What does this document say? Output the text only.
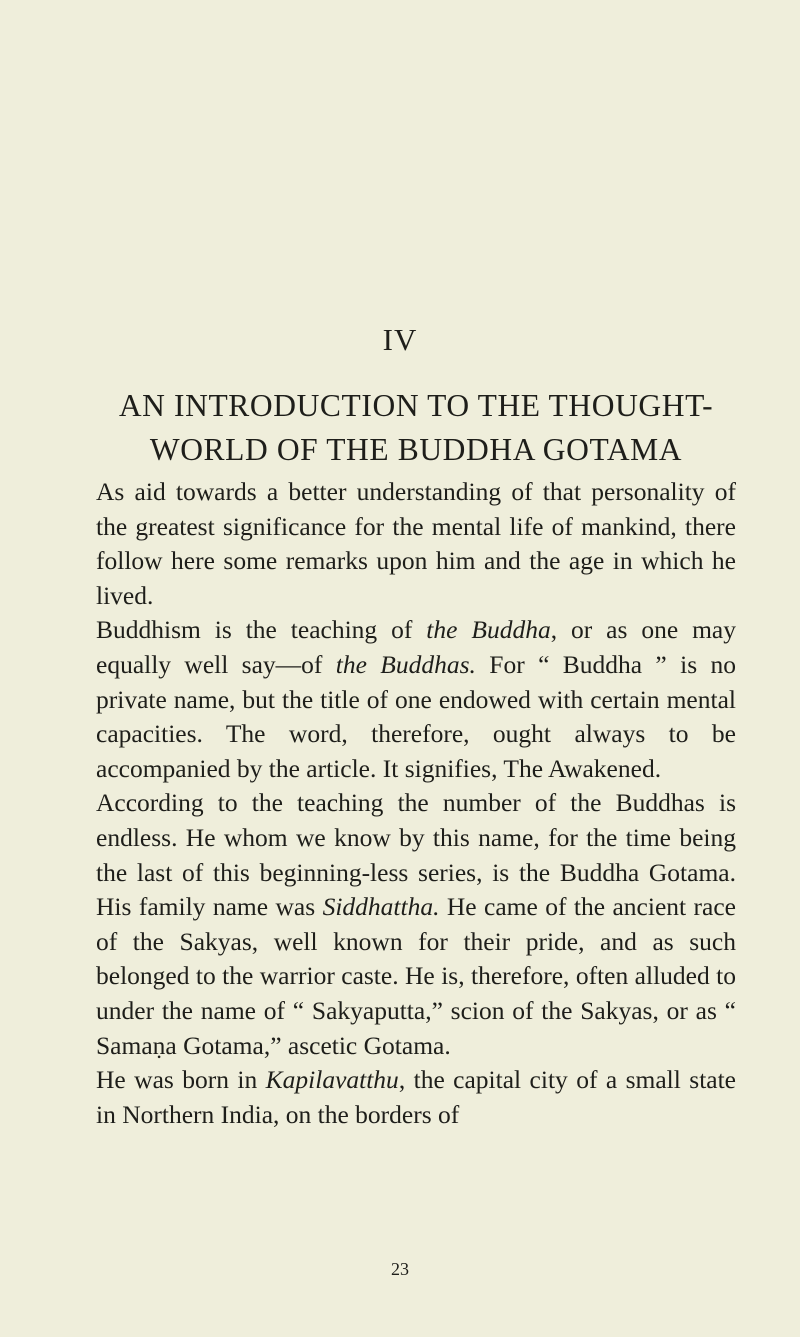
IV
AN INTRODUCTION TO THE THOUGHT-WORLD OF THE BUDDHA GOTAMA

As aid towards a better understanding of that personality of the greatest significance for the mental life of mankind, there follow here some remarks upon him and the age in which he lived.

Buddhism is the teaching of the Buddha, or as one may equally well say—of the Buddhas. For “ Buddha ” is no private name, but the title of one endowed with certain mental capacities. The word, therefore, ought always to be accompanied by the article. It signifies, The Awakened.

According to the teaching the number of the Buddhas is endless. He whom we know by this name, for the time being the last of this beginning-less series, is the Buddha Gotama. His family name was Siddhattha. He came of the ancient race of the Sakyas, well known for their pride, and as such belonged to the warrior caste. He is, therefore, often alluded to under the name of “ Sakyaputta,” scion of the Sakyas, or as “ Samaṇa Gotama,” ascetic Gotama.

He was born in Kapilavatthu, the capital city of a small state in Northern India, on the borders of

23
